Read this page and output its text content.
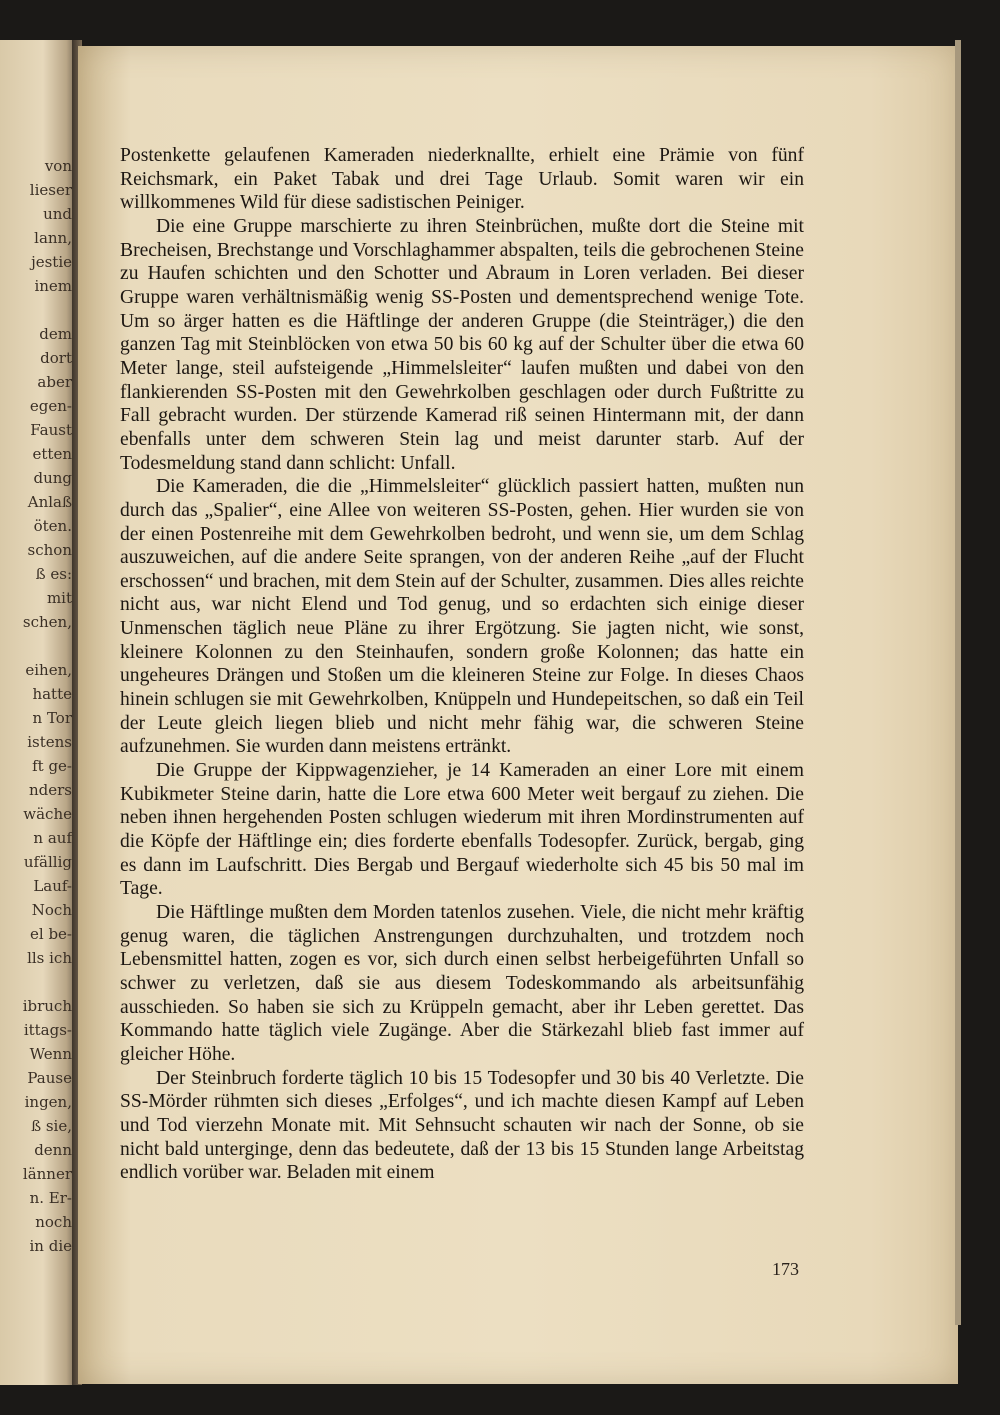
von
lieser
und
lann,
jestie
inem
dem
dort
aber
egen-
Faust
etten
dung
Anlaß
öten.
schon
ß es:
mit
schen,
eihen,
hatte
n Tor
istens
ft ge-
nders
wäche
n auf
ufällig
Lauf-
Noch
el be-
lls ich
ibruch
ittags-
Wenn
Pause
ingen,
ß sie,
denn
länner
n. Er-
noch
in die

Postenkette gelaufenen Kameraden niederknallte, erhielt eine Prämie von fünf Reichsmark, ein Paket Tabak und drei Tage Urlaub. Somit waren wir ein willkommenes Wild für diese sadistischen Peiniger.

Die eine Gruppe marschierte zu ihren Steinbrüchen, mußte dort die Steine mit Brecheisen, Brechstange und Vorschlaghammer abspalten, teils die gebrochenen Steine zu Haufen schichten und den Schotter und Abraum in Loren verladen. Bei dieser Gruppe waren verhältnismäßig wenig SS-Posten und dementsprechend wenige Tote. Um so ärger hatten es die Häftlinge der anderen Gruppe (die Steinträger,) die den ganzen Tag mit Steinblöcken von etwa 50 bis 60 kg auf der Schulter über die etwa 60 Meter lange, steil aufsteigende „Himmelsleiter“ laufen mußten und dabei von den flankierenden SS-Posten mit den Gewehrkolben geschlagen oder durch Fußtritte zu Fall gebracht wurden. Der stürzende Kamerad riß seinen Hintermann mit, der dann ebenfalls unter dem schweren Stein lag und meist darunter starb. Auf der Todesmeldung stand dann schlicht: Unfall.

Die Kameraden, die die „Himmelsleiter“ glücklich passiert hatten, mußten nun durch das „Spalier“, eine Allee von weiteren SS-Posten, gehen. Hier wurden sie von der einen Postenreihe mit dem Gewehrkolben bedroht, und wenn sie, um dem Schlag auszuweichen, auf die andere Seite sprangen, von der anderen Reihe „auf der Flucht erschossen“ und brachen, mit dem Stein auf der Schulter, zusammen. Dies alles reichte nicht aus, war nicht Elend und Tod genug, und so erdachten sich einige dieser Unmenschen täglich neue Pläne zu ihrer Ergötzung. Sie jagten nicht, wie sonst, kleinere Kolonnen zu den Steinhaufen, sondern große Kolonnen; das hatte ein ungeheures Drängen und Stoßen um die kleineren Steine zur Folge. In dieses Chaos hinein schlugen sie mit Gewehrkolben, Knüppeln und Hundepeitschen, so daß ein Teil der Leute gleich liegen blieb und nicht mehr fähig war, die schweren Steine aufzunehmen. Sie wurden dann meistens ertränkt.

Die Gruppe der Kippwagenzieher, je 14 Kameraden an einer Lore mit einem Kubikmeter Steine darin, hatte die Lore etwa 600 Meter weit bergauf zu ziehen. Die neben ihnen hergehenden Posten schlugen wiederum mit ihren Mordinstrumenten auf die Köpfe der Häftlinge ein; dies forderte ebenfalls Todesopfer. Zurück, bergab, ging es dann im Laufschritt. Dies Bergab und Bergauf wiederholte sich 45 bis 50 mal im Tage.

Die Häftlinge mußten dem Morden tatenlos zusehen. Viele, die nicht mehr kräftig genug waren, die täglichen Anstrengungen durchzuhalten, und trotzdem noch Lebensmittel hatten, zogen es vor, sich durch einen selbst herbeigeführten Unfall so schwer zu verletzen, daß sie aus diesem Todeskommando als arbeitsunfähig ausschieden. So haben sie sich zu Krüppeln gemacht, aber ihr Leben gerettet. Das Kommando hatte täglich viele Zugänge. Aber die Stärkezahl blieb fast immer auf gleicher Höhe.

Der Steinbruch forderte täglich 10 bis 15 Todesopfer und 30 bis 40 Verletzte. Die SS-Mörder rühmten sich dieses „Erfolges“, und ich machte diesen Kampf auf Leben und Tod vierzehn Monate mit. Mit Sehnsucht schauten wir nach der Sonne, ob sie nicht bald unterginge, denn das bedeutete, daß der 13 bis 15 Stunden lange Arbeitstag endlich vorüber war. Beladen mit einem

173
